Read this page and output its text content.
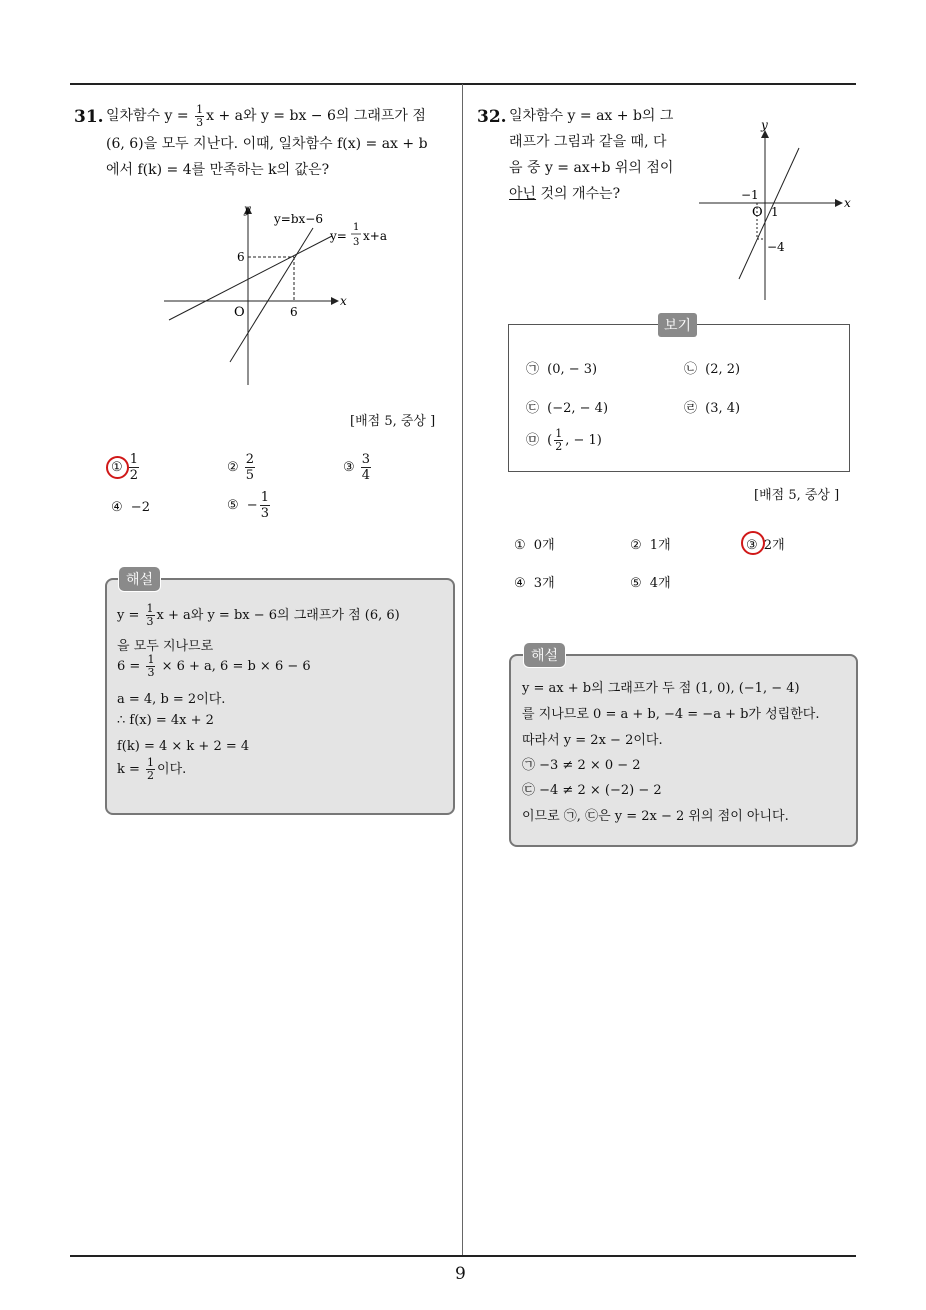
9
31. 일차함수 $y = \frac{1}{3}$ x + a와 y = bx − 6의 그래프가 점
(6, 6)을 모두 지난다. 이때, 일차함수 f(x) = ax + b
에서 f(k) = 4를 만족하는 k의 값은?
y
x
O
6
6
y=bx−6
y=
1
3 x+a
[배점 5, 중상 ]
① $\frac{1}{2}$	② $\frac{2}{5}$	③ $\frac{3}{4}$
④ −2	⑤ − $\frac{1}{3}$
해설
$y = \frac{1}{3}$ x + a와 y = bx − 6의 그래프가 점 (6, 6)
을 모두 지나므로
$6 = \frac{1}{3} \times 6 + a$, 6 = b × 6 − 6
a = 4, b = 2이다.
∴ f(x) = 4x + 2
f(k) = 4 × k + 2 = 4
$k = \frac{1}{2}$ 이다.
32. 일차함수 y = ax + b의 그
래프가 그림과 같을 때, 다
음 중 y = ax+b 위의 점이
아닌 것의 개수는?
y
x
−1
O 1
−4
보기
㉠ (0, − 3)	㉡ (2, 2)
㉢ (−2, − 4)	㉣ (3, 4)
㉤ ( $\frac{1}{2}$ , − 1)
[배점 5, 중상 ]
① 0개	② 1개	③ 2개
④ 3개	⑤ 4개
해설
y = ax + b의 그래프가 두 점 (1, 0), (−1, − 4)
를 지나므로 0 = a + b, −4 = −a + b가 성립한다.
따라서 y = 2x − 2이다.
㉠ −3 ≠ 2 × 0 − 2
㉢ −4 ≠ 2 × (−2) − 2
이므로 ㉠, ㉢은 y = 2x − 2 위의 점이 아니다.
